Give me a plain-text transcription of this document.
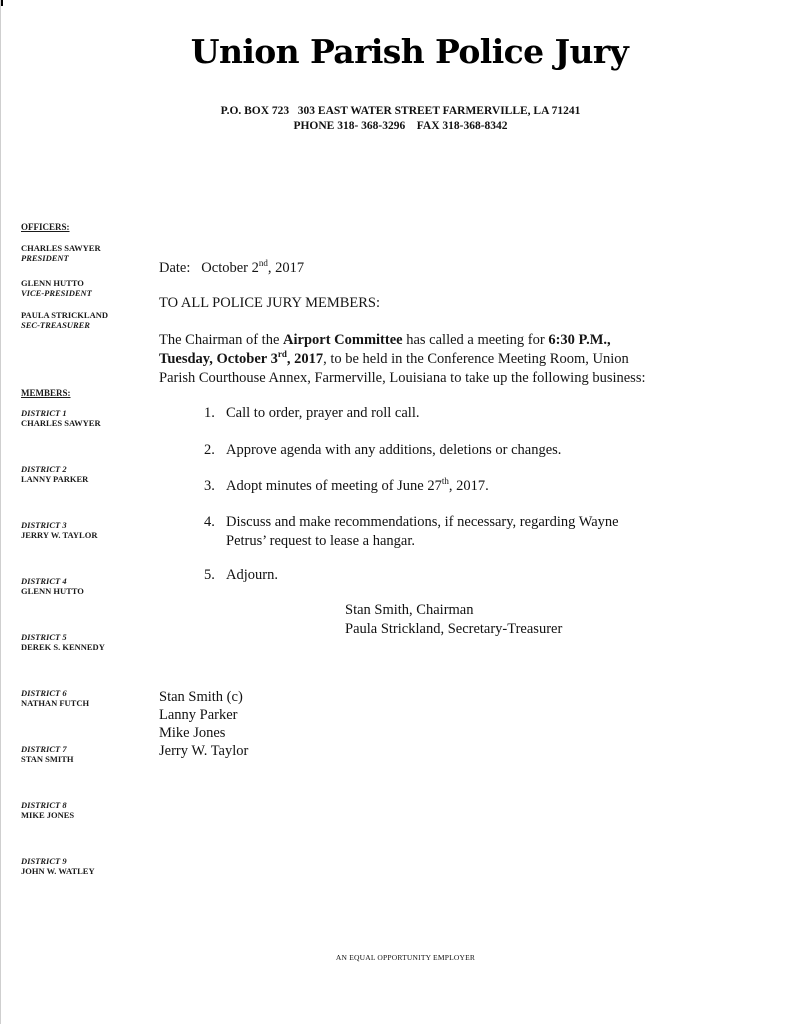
Union Parish Police Jury
P.O. BOX 723   303 EAST WATER STREET FARMERVILLE, LA 71241
PHONE 318- 368-3296    FAX 318-368-8342
OFFICERS:
CHARLES SAWYER
PRESIDENT
GLENN HUTTO
VICE-PRESIDENT
PAULA STRICKLAND
SEC-TREASURER
MEMBERS:
DISTRICT 1
CHARLES SAWYER
DISTRICT 2
LANNY PARKER
DISTRICT 3
JERRY W. TAYLOR
DISTRICT 4
GLENN HUTTO
DISTRICT 5
DEREK S. KENNEDY
DISTRICT 6
NATHAN FUTCH
DISTRICT 7
STAN SMITH
DISTRICT 8
MIKE JONES
DISTRICT 9
JOHN W. WATLEY
Date: October 2nd, 2017
TO ALL POLICE JURY MEMBERS:
The Chairman of the Airport Committee has called a meeting for 6:30 P.M.,
Tuesday, October 3rd, 2017, to be held in the Conference Meeting Room, Union
Parish Courthouse Annex, Farmerville, Louisiana to take up the following business:
1. Call to order, prayer and roll call.
2. Approve agenda with any additions, deletions or changes.
3. Adopt minutes of meeting of June 27th, 2017.
4. Discuss and make recommendations, if necessary, regarding Wayne
Petrus’ request to lease a hangar.
5. Adjourn.
Stan Smith, Chairman
Paula Strickland, Secretary-Treasurer
Stan Smith (c)
Lanny Parker
Mike Jones
Jerry W. Taylor
AN EQUAL OPPORTUNITY EMPLOYER
